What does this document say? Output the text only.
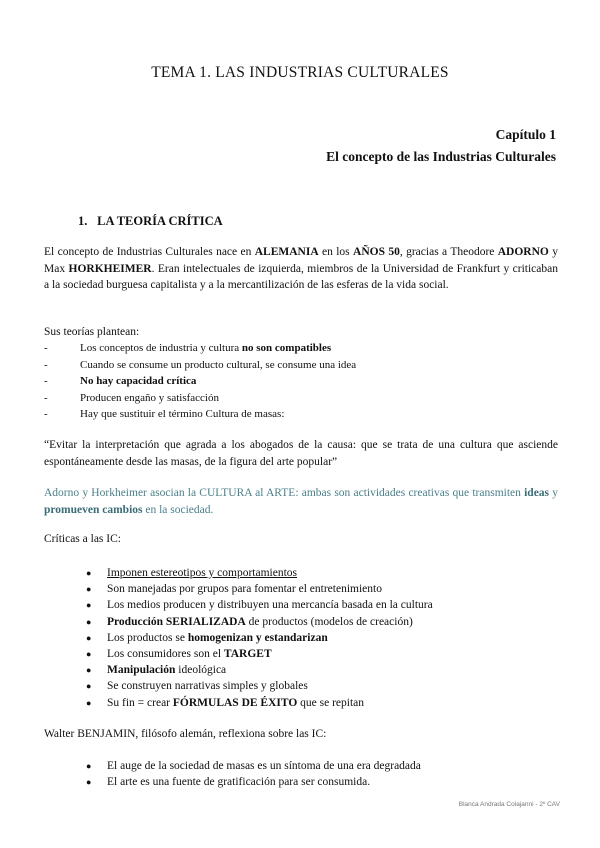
TEMA 1. LAS INDUSTRIAS CULTURALES
Capítulo 1
El concepto de las Industrias Culturales
1. LA TEORÍA CRÍTICA
El concepto de Industrias Culturales nace en ALEMANIA en los AÑOS 50, gracias a Theodore ADORNO y Max HORKHEIMER. Eran intelectuales de izquierda, miembros de la Universidad de Frankfurt y criticaban a la sociedad burguesa capitalista y a la mercantilización de las esferas de la vida social.
Sus teorías plantean:
-	Los conceptos de industria y cultura no son compatibles
-	Cuando se consume un producto cultural, se consume una idea
-	No hay capacidad crítica
-	Producen engaño y satisfacción
-	Hay que sustituir el término Cultura de masas:
“Evitar la interpretación que agrada a los abogados de la causa: que se trata de una cultura que asciende espontáneamente desde las masas, de la figura del arte popular”
Adorno y Horkheimer asocian la CULTURA al ARTE: ambas son actividades creativas que transmiten ideas y promueven cambios en la sociedad.
Críticas a las IC:
● Imponen estereotipos y comportamientos
● Son manejadas por grupos para fomentar el entretenimiento
● Los medios producen y distribuyen una mercancía basada en la cultura
● Producción SERIALIZADA de productos (modelos de creación)
● Los productos se homogenizan y estandarizan
● Los consumidores son el TARGET
● Manipulación ideológica
● Se construyen narrativas simples y globales
● Su fin = crear FÓRMULAS DE ÉXITO que se repitan
Walter BENJAMIN, filósofo alemán, reflexiona sobre las IC:
● El auge de la sociedad de masas es un síntoma de una era degradada
● El arte es una fuente de gratificación para ser consumida.
Blanca Andrada Colajanni - 2º CAV
